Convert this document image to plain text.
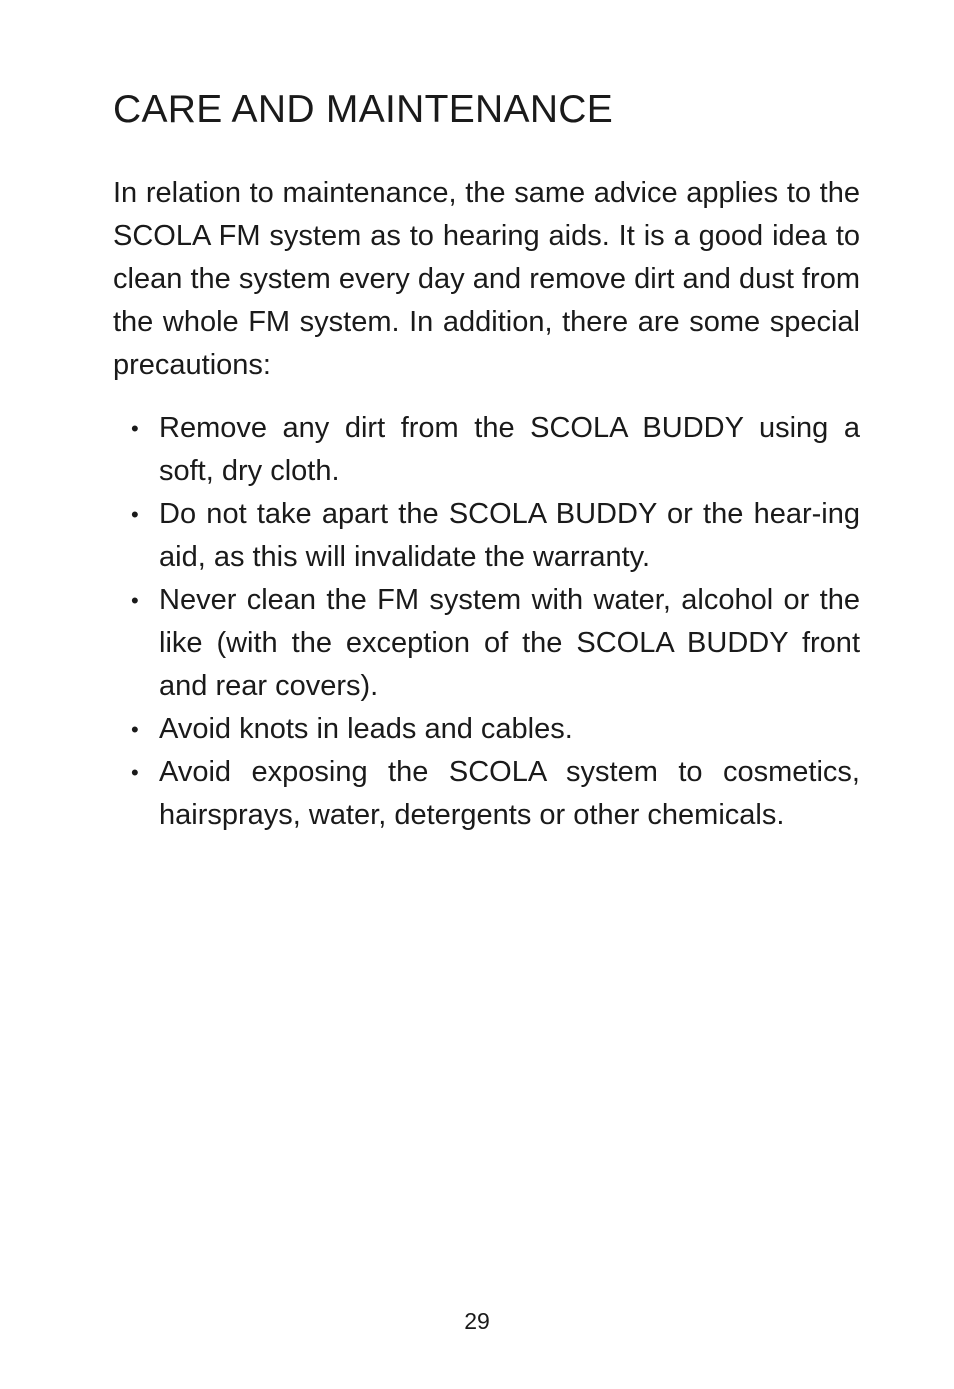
CARE AND MAINTENANCE

In relation to maintenance, the same advice applies to the SCOLA FM system as to hearing aids. It is a good idea to clean the system every day and remove dirt and dust from the whole FM system. In addition, there are some special precautions:

• Remove any dirt from the SCOLA BUDDY using a soft, dry cloth.
• Do not take apart the SCOLA BUDDY or the hear-ing aid, as this will invalidate the warranty.
• Never clean the FM system with water, alcohol or the like (with the exception of the SCOLA BUDDY front and rear covers).
• Avoid knots in leads and cables.
• Avoid exposing the SCOLA system to cosmetics, hairsprays, water, detergents or other chemicals.
29
